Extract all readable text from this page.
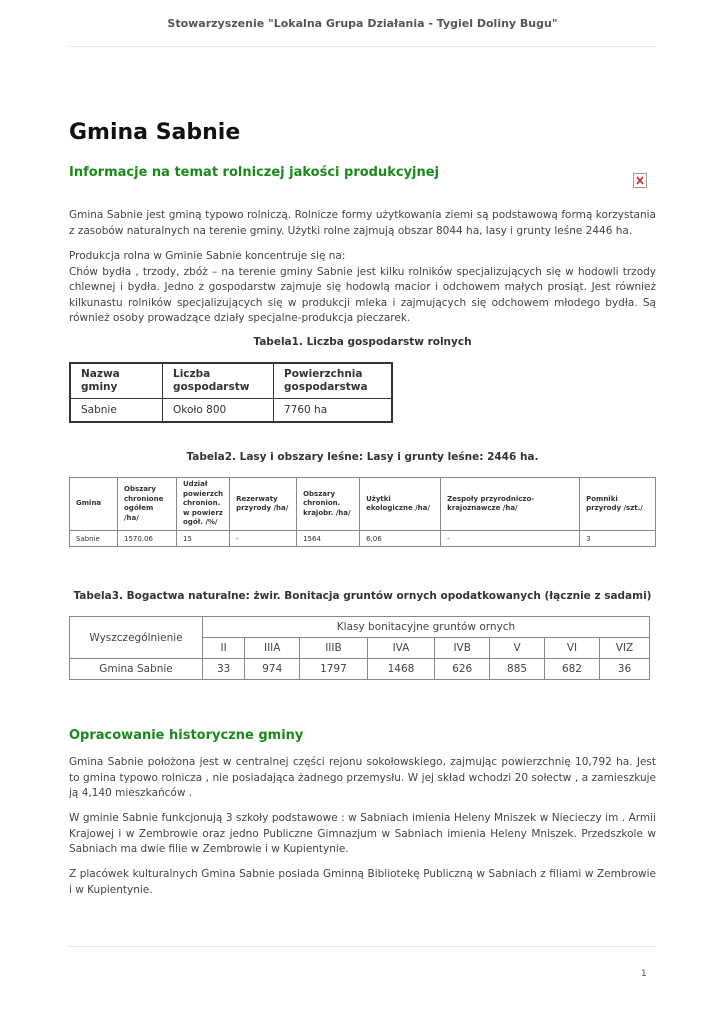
Stowarzyszenie "Lokalna Grupa Działania - Tygiel Doliny Bugu"
Gmina Sabnie
Informacje na temat rolniczej jakości produkcyjnej

Gmina Sabnie jest gminą typowo rolniczą. Rolnicze formy użytkowania ziemi są podstawową formą korzystania z zasobów naturalnych na terenie gminy. Użytki rolne zajmują obszar 8044 ha, lasy i grunty leśne 2446 ha.

Produkcja rolna w Gminie Sabnie koncentruje się na:
Chów bydła , trzody, zbóż – na terenie gminy Sabnie jest kilku rolników specjalizujących się w hodowli trzody chlewnej i bydła. Jedno z gospodarstw zajmuje się hodowlą macior i odchowem małych prosiąt. Jest również kilkunastu rolników specjalizujących się w produkcji mleka i zajmujących się odchowem młodego bydła. Są również osoby prowadzące działy specjalne-produkcja pieczarek.

Tabela1. Liczba gospodarstw rolnych
Nazwa gminy	Liczba gospodarstw	Powierzchnia gospodarstwa
Sabnie	Około 800	7760 ha
Tabela2. Lasy i obszary leśne: Lasy i grunty leśne: 2446 ha.
Gmina	Obszary chronione ogółem /ha/	Udział powierzch chronion. w powierz ogół. /%/	Rezerwaty przyrody /ha/	Obszary chronion. krajobr. /ha/	Użytki ekologiczne /ha/	Zespoły przyrodniczo-krajoznawcze /ha/	Pomniki przyrody /szt./
Sabnie	1570.06	15	-	1564	6,06	-	3
Tabela3. Bogactwa naturalne: żwir. Bonitacja gruntów ornych opodatkowanych (łącznie z sadami)
Wyszczególnienie	Klasy bonitacyjne gruntów ornych							
	II	IIIA	IIIB	IVA	IVB	V	VI	VIZ
Gmina Sabnie	33	974	1797	1468	626	885	682	36
Opracowanie historyczne gminy

Gmina Sabnie położona jest w centralnej części rejonu sokołowskiego, zajmując powierzchnię 10,792 ha. Jest to gmina typowo rolnicza , nie posiadająca żadnego przemysłu. W jej skład wchodzi 20 sołectw , a zamieszkuje ją 4,140 mieszkańców .

W gminie Sabnie funkcjonują 3 szkoły podstawowe : w Sabniach imienia Heleny Mniszek w Niecieczy im . Armii Krajowej i w Zembrowie oraz jedno Publiczne Gimnazjum w Sabniach imienia Heleny Mniszek. Przedszkole w Sabniach ma dwie filie w Zembrowie i w Kupientynie.

Z placówek kulturalnych Gmina Sabnie posiada Gminną Bibliotekę Publiczną w Sabniach z filiami w Zembrowie i w Kupientynie.

1
